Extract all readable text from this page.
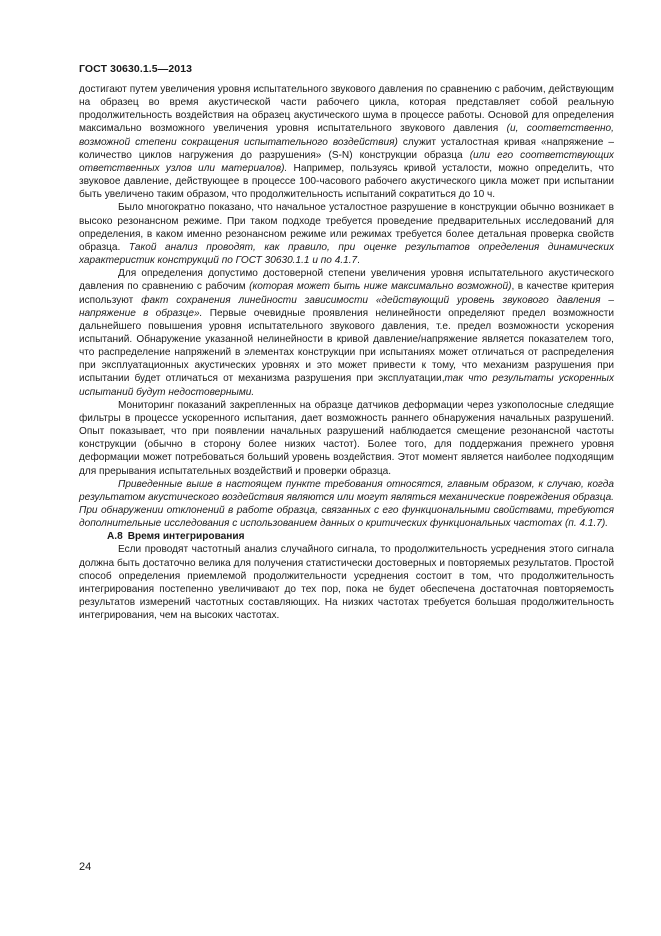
ГОСТ 30630.1.5—2013

достигают путем увеличения уровня испытательного звукового давления по сравнению с рабочим, действующим на образец во время акустической части рабочего цикла, которая представляет собой реальную продолжительность воздействия на образец акустического шума в процессе работы. Основой для определения максимально возможного увеличения уровня испытательного звукового давления (и, соответственно, возможной степени сокращения испытательного воздействия) служит усталостная кривая «напряжение – количество циклов нагружения до разрушения» (S-N) конструкции образца (или его соответствующих ответственных узлов или материалов). Например, пользуясь кривой усталости, можно определить, что звуковое давление, действующее в процессе 100-часового рабочего акустического цикла может при испытании быть увеличено таким образом, что продолжительность испытаний сократиться до 10 ч.

Было многократно показано, что начальное усталостное разрушение в конструкции обычно возникает в высоко резонансном режиме. При таком подходе требуется проведение предварительных исследований для определения, в каком именно резонансном режиме или режимах требуется более детальная проверка свойств образца. Такой анализ проводят, как правило, при оценке результатов определения динамических характеристик конструкций по ГОСТ 30630.1.1 и по 4.1.7.

Для определения допустимо достоверной степени увеличения уровня испытательного акустического давления по сравнению с рабочим (которая может быть ниже максимально возможной), в качестве критерия используют факт сохранения линейности зависимости «действующий уровень звукового давления – напряжение в образце». Первые очевидные проявления нелинейности определяют предел возможности дальнейшего повышения уровня испытательного звукового давления, т.е. предел возможности ускорения испытаний. Обнаружение указанной нелинейности в кривой давление/напряжение является показателем того, что распределение напряжений в элементах конструкции при испытаниях может отличаться от распределения при эксплуатационных акустических уровнях и это может привести к тому, что механизм разрушения при испытании будет отличаться от механизма разрушения при эксплуатации,так что результаты ускоренных испытаний будут недостоверными.

Мониторинг показаний закрепленных на образце датчиков деформации через узкополосные следящие фильтры в процессе ускоренного испытания, дает возможность раннего обнаружения начальных разрушений. Опыт показывает, что при появлении начальных разрушений наблюдается смещение резонансной частоты конструкции (обычно в сторону более низких частот). Более того, для поддержания прежнего уровня деформации может потребоваться больший уровень воздействия. Этот момент является наиболее подходящим для прерывания испытательных воздействий и проверки образца.

Приведенные выше в настоящем пункте требования относятся, главным образом, к случаю, когда результатом акустического воздействия являются или могут являться механические повреждения образца. При обнаружении отклонений в работе образца, связанных с его функциональными свойствами, требуются дополнительные исследования с использованием данных о критических функциональных частотах (п. 4.1.7).

А.8 Время интегрирования

Если проводят частотный анализ случайного сигнала, то продолжительность усреднения этого сигнала должна быть достаточно велика для получения статистически достоверных и повторяемых результатов. Простой способ определения приемлемой продолжительности усреднения состоит в том, что продолжительность интегрирования постепенно увеличивают до тех пор, пока не будет обеспечена достаточная повторяемость результатов измерений частотных составляющих. На низких частотах требуется большая продолжительность интегрирования, чем на высоких частотах.

24
